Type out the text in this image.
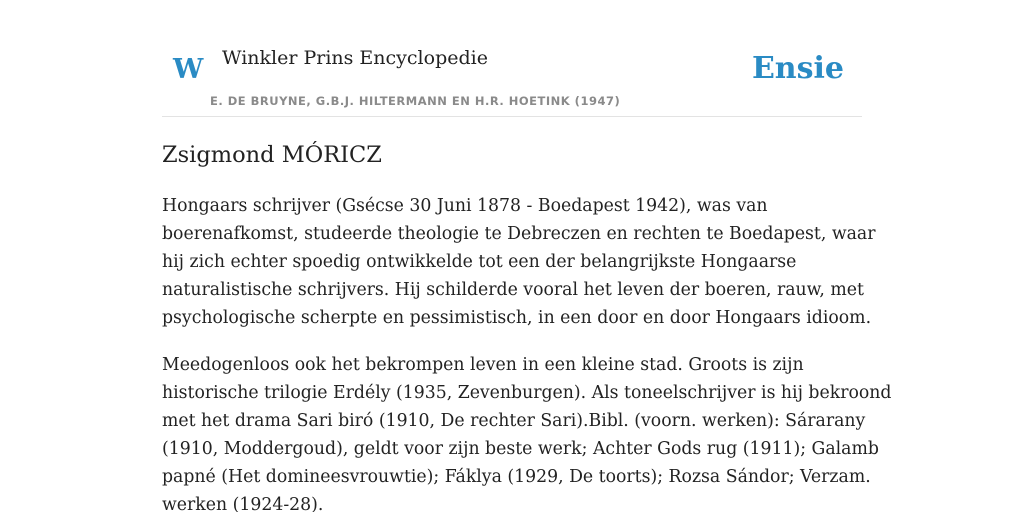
W Winkler Prins Encyclopedie
E. DE BRUYNE, G.B.J. HILTERMANN EN H.R. HOETINK (1947)
Ensie
Zsigmond MÓRICZ

Hongaars schrijver (Gsécse 30 Juni 1878 - Boedapest 1942), was van
boerenafkomst, studeerde theologie te Debreczen en rechten te Boedapest, waar
hij zich echter spoedig ontwikkelde tot een der belangrijkste Hongaarse
naturalistische schrijvers. Hij schilderde vooral het leven der boeren, rauw, met
psychologische scherpte en pessimistisch, in een door en door Hongaars idioom.

Meedogenloos ook het bekrompen leven in een kleine stad. Groots is zijn
historische trilogie Erdély (1935, Zevenburgen). Als toneelschrijver is hij bekroond
met het drama Sari biró (1910, De rechter Sari).Bibl. (voorn. werken): Sárarany
(1910, Moddergoud), geldt voor zijn beste werk; Achter Gods rug (1911); Galamb
papné (Het domineesvrouwtie); Fáklya (1929, De toorts); Rozsa Sándor; Verzam.
werken (1924-28).
